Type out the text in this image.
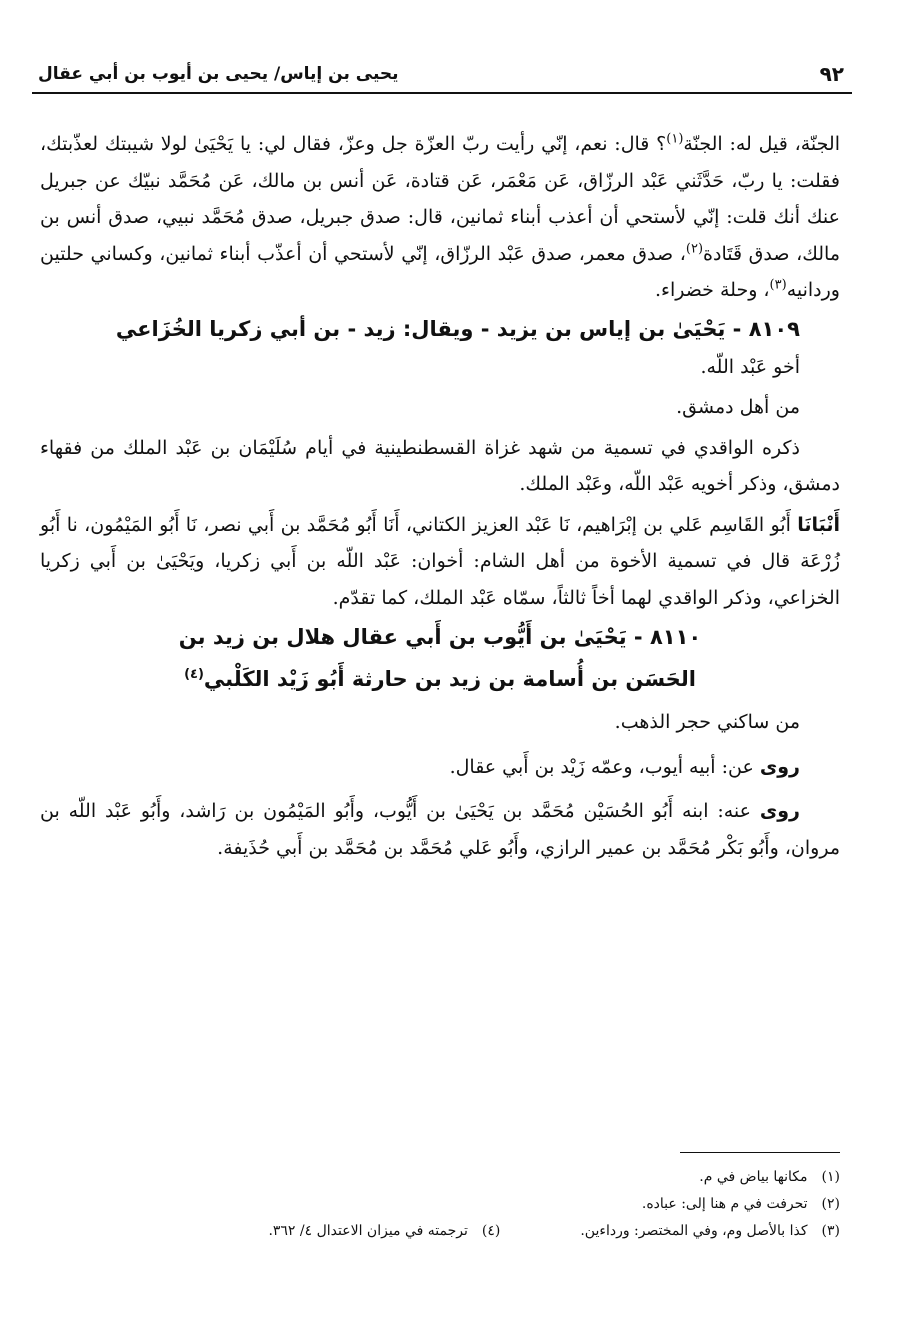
٩٢
يحيى بن إياس/ يحيى بن أيوب بن أبي عقال

الجنّة، قيل له: الجنّة$^{(١)}$؟ قال: نعم، إنّي رأيت ربّ العزّة جل وعزّ، فقال لي: يا يَحْيَىٰ لولا شيبتك لعذّبتك، فقلت: يا ربّ، حَدَّثَني عَبْد الرزّاق، عَن مَعْمَر، عَن قتادة، عَن أنس بن مالك، عَن مُحَمَّد نبيّك عن جبريل عنك أنك قلت: إنّي لأستحي أن أعذب أبناء ثمانين، قال: صدق جبريل، صدق مُحَمَّد نبيي، صدق أنس بن مالك، صدق قَتَادة$^{(٢)}$، صدق معمر، صدق عَبْد الرزّاق، إنّي لأستحي أن أعذّب أبناء ثمانين، وكساني حلتين وردانيه$^{(٣)}$، وحلة خضراء.

٨١٠٩ - يَحْيَىٰ بن إياس بن يزيد - ويقال: زيد - بن أبي زكريا الخُزَاعي

أخو عَبْد اللّه.

من أهل دمشق.

ذكره الواقدي في تسمية من شهد غزاة القسطنطينية في أيام سُلَيْمَان بن عَبْد الملك من فقهاء دمشق، وذكر أخويه عَبْد اللّه، وعَبْد الملك.

أَنْبَانَا أَبُو القَاسِم عَلي بن إبْرَاهيم، نَا عَبْد العزيز الكتاني، أَنَا أَبُو مُحَمَّد بن أَبي نصر، نَا أَبُو المَيْمُون، نا أَبُو زُرْعَة قال في تسمية الأخوة من أهل الشام: أخوان: عَبْد اللّه بن أَبي زكريا، ويَحْيَىٰ بن أَبي زكريا الخزاعي، وذكر الواقدي لهما أخاً ثالثاً، سمّاه عَبْد الملك، كما تقدّم.

٨١١٠ - يَحْيَىٰ بن أَيُّوب بن أَبي عقال هلال بن زيد بن

الحَسَن بن أُسامة بن زيد بن حارثة أَبُو زَيْد الكَلْبي$^{(٤)}$

من ساكني حجر الذهب.

روى عن: أبيه أيوب، وعمّه زَيْد بن أَبي عقال.

روى عنه: ابنه أَبُو الحُسَيْن مُحَمَّد بن يَحْيَىٰ بن أَيُّوب، وأَبُو المَيْمُون بن رَاشد، وأَبُو عَبْد اللّه بن مروان، وأَبُو بَكْر مُحَمَّد بن عمير الرازي، وأَبُو عَلي مُحَمَّد بن مُحَمَّد بن أَبي حُذَيفة.

(١) مكانها بياض في م.

(٢) تحرفت في م هنا إلى: عباده.

(٣) كذا بالأصل وم، وفي المختصر: ورداءين.

(٤) ترجمته في ميزان الاعتدال ٤/ ٣٦٢.
